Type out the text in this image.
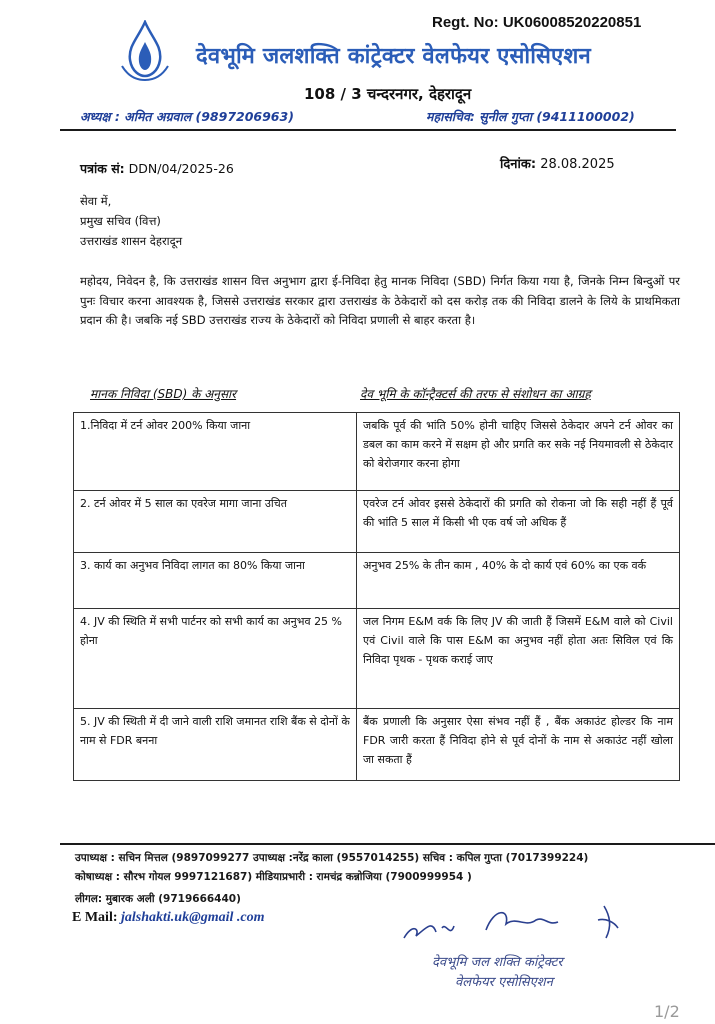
Regt. No: UK06008520220851
देवभूमि जलशक्ति कांट्रेक्टर वेलफेयर एसोसिएशन
108 / 3 चन्दरनगर, देहरादून
अध्यक्ष : अमित अग्रवाल (9897206963)	महासचिव: सुनील गुप्ता (9411100002)
पत्रांक सं: DDN/04/2025-26	दिनांक: 28.08.2025
सेवा में,
प्रमुख सचिव (वित्त)
उत्तराखंड शासन देहरादून
महोदय, निवेदन है, कि उत्तराखंड शासन वित्त अनुभाग द्वारा ई-निविदा हेतु मानक निविदा (SBD) निर्गत किया गया है, जिनके निम्न बिन्दुओं पर पुनः विचार करना आवश्यक है, जिससे उत्तराखंड सरकार द्वारा उत्तराखंड के ठेकेदारों को दस करोड़ तक की निविदा डालने के लिये के प्राथमिकता प्रदान की है। जबकि नई SBD उत्तराखंड राज्य के ठेकेदारों को निविदा प्रणाली से बाहर करता है।
मानक निविदा (SBD) के अनुसार	देव भूमि के कॉन्ट्रैक्टर्स की तरफ से संशोधन का आग्रह
1.निविदा में टर्न ओवर 200% किया जाना	जबकि पूर्व की भांति 50% होनी चाहिए जिससे ठेकेदार अपने टर्न ओवर का डबल का काम करने में सक्षम हो और प्रगति कर सके नई नियमावली से ठेकेदार को बेरोजगार करना होगा
2. टर्न ओवर में 5 साल का एवरेज मागा जाना उचित	एवरेज टर्न ओवर इससे ठेकेदारों की प्रगति को रोकना जो कि सही नहीं हैं पूर्व की भांति 5 साल में किसी भी एक वर्ष जो अधिक हैं
3. कार्य का अनुभव निविदा लागत का 80% किया जाना	अनुभव 25% के तीन काम , 40% के दो कार्य एवं 60% का एक वर्क
4. JV की स्थिति में सभी पार्टनर को सभी कार्य का अनुभव 25 % होना	जल निगम E&M वर्क कि लिए JV की जाती हैं जिसमें E&M वाले को Civil एवं Civil वाले कि पास E&M का अनुभव नहीं होता अतः सिविल एवं कि निविदा पृथक - पृथक कराई जाए
5. JV की स्थिती में दी जाने वाली राशि जमानत राशि बैंक से दोनों के नाम से FDR बनना	बैंक प्रणाली कि अनुसार ऐसा संभव नहीं हैं , बैंक अकाउंट होल्डर कि नाम FDR जारी करता हैं निविदा होने से पूर्व दोनों के नाम से अकाउंट नहीं खोला जा सकता हैं
उपाध्यक्ष : सचिन मित्तल (9897099277 उपाध्यक्ष :नरेंद्र काला (9557014255) सचिव : कपिल गुप्ता (7017399224)
कोषाध्यक्ष : सौरभ गोयल 9997121687) मीडियाप्रभारी : रामचंद्र कन्नोजिया (7900999954 )
लीगल: मुबारक अली (9719666440)
E Mail: jalshakti.uk@gmail .com
देवभूमि जल शक्ति कांट्रेक्टर
वेलफेयर एसोसिएशन
1/2
